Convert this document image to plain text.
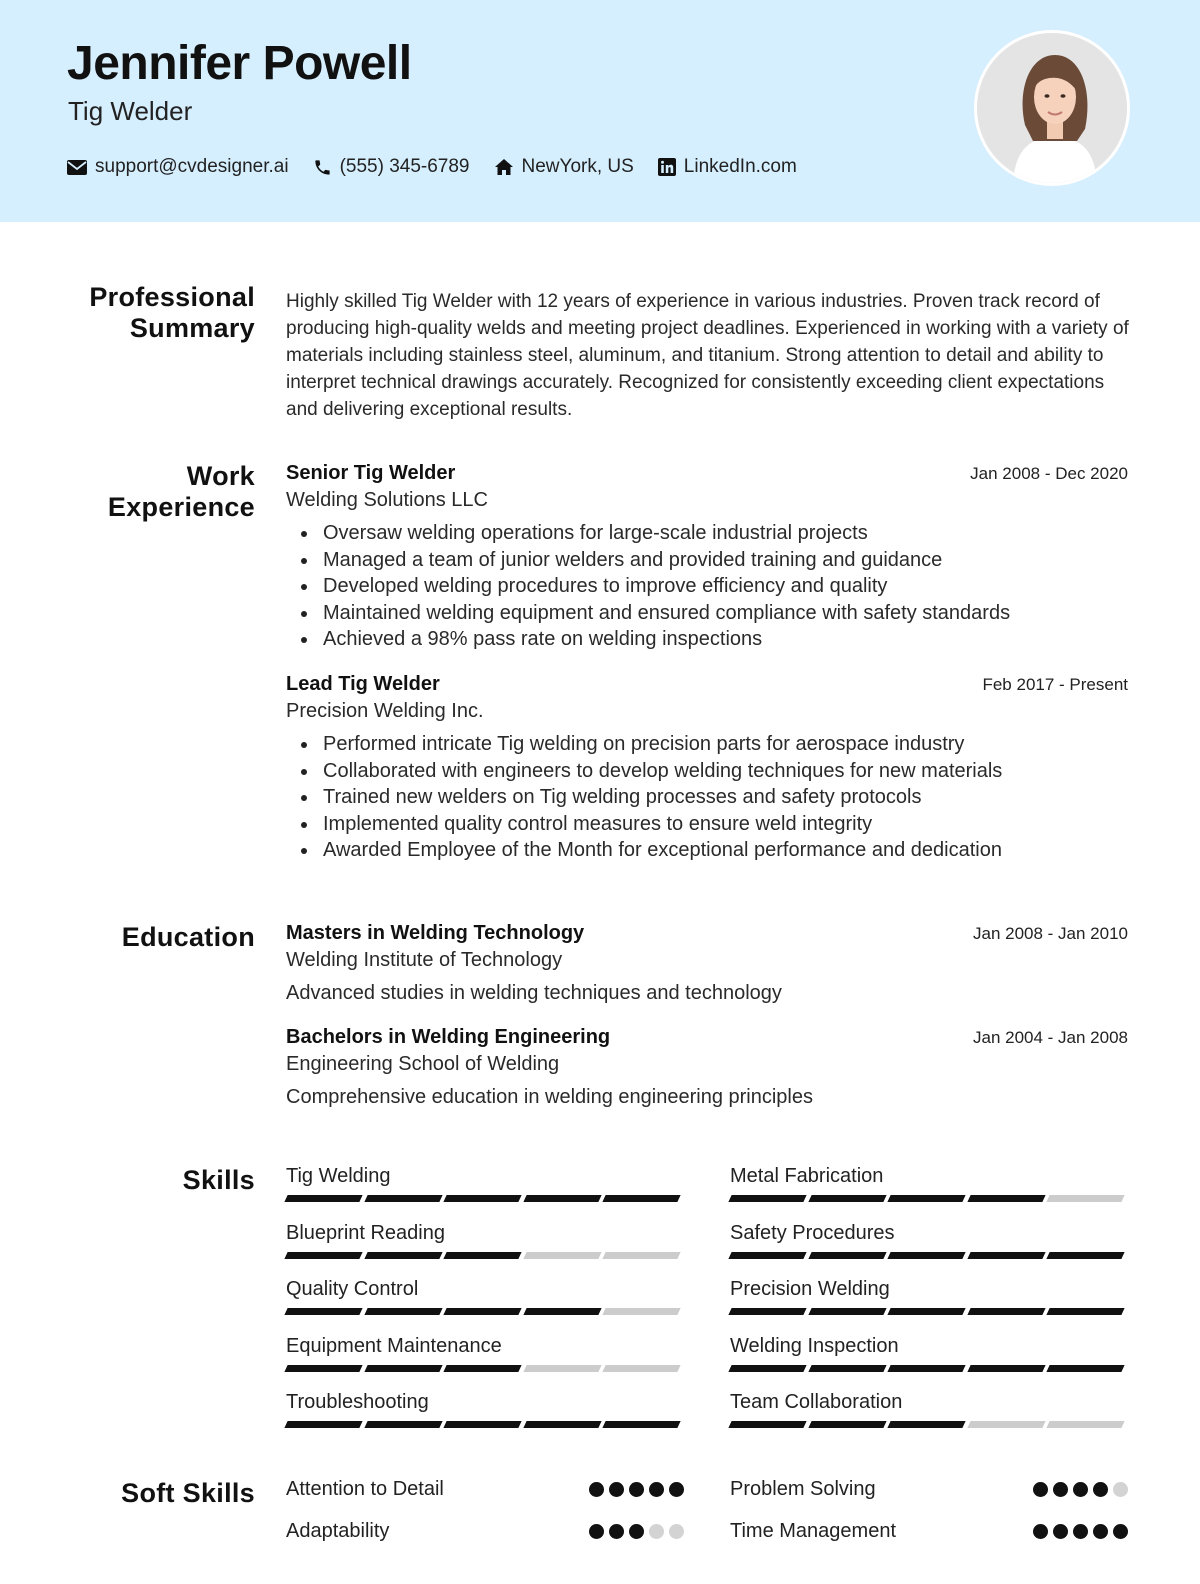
Jennifer Powell
Tig Welder
support@cvdesigner.ai	(555) 345-6789	NewYork, US	LinkedIn.com
Professional Summary
Highly skilled Tig Welder with 12 years of experience in various industries. Proven track record of producing high-quality welds and meeting project deadlines. Experienced in working with a variety of materials including stainless steel, aluminum, and titanium. Strong attention to detail and ability to interpret technical drawings accurately. Recognized for consistently exceeding client expectations and delivering exceptional results.
Work Experience
Senior Tig Welder	Jan 2008 - Dec 2020
Welding Solutions LLC
Oversaw welding operations for large-scale industrial projects
Managed a team of junior welders and provided training and guidance
Developed welding procedures to improve efficiency and quality
Maintained welding equipment and ensured compliance with safety standards
Achieved a 98% pass rate on welding inspections
Lead Tig Welder	Feb 2017 - Present
Precision Welding Inc.
Performed intricate Tig welding on precision parts for aerospace industry
Collaborated with engineers to develop welding techniques for new materials
Trained new welders on Tig welding processes and safety protocols
Implemented quality control measures to ensure weld integrity
Awarded Employee of the Month for exceptional performance and dedication
Education Masters in Welding Technology	Jan 2008 - Jan 2010
Welding Institute of Technology
Advanced studies in welding techniques and technology
Bachelors in Welding Engineering	Jan 2004 - Jan 2008
Engineering School of Welding
Comprehensive education in welding engineering principles
Skills Tig Welding	Metal Fabrication
Blueprint Reading	Safety Procedures
Quality Control	Precision Welding
Equipment Maintenance	Welding Inspection
Troubleshooting	Team Collaboration
Soft Skills Attention to Detail	Problem Solving
Adaptability	Time Management
